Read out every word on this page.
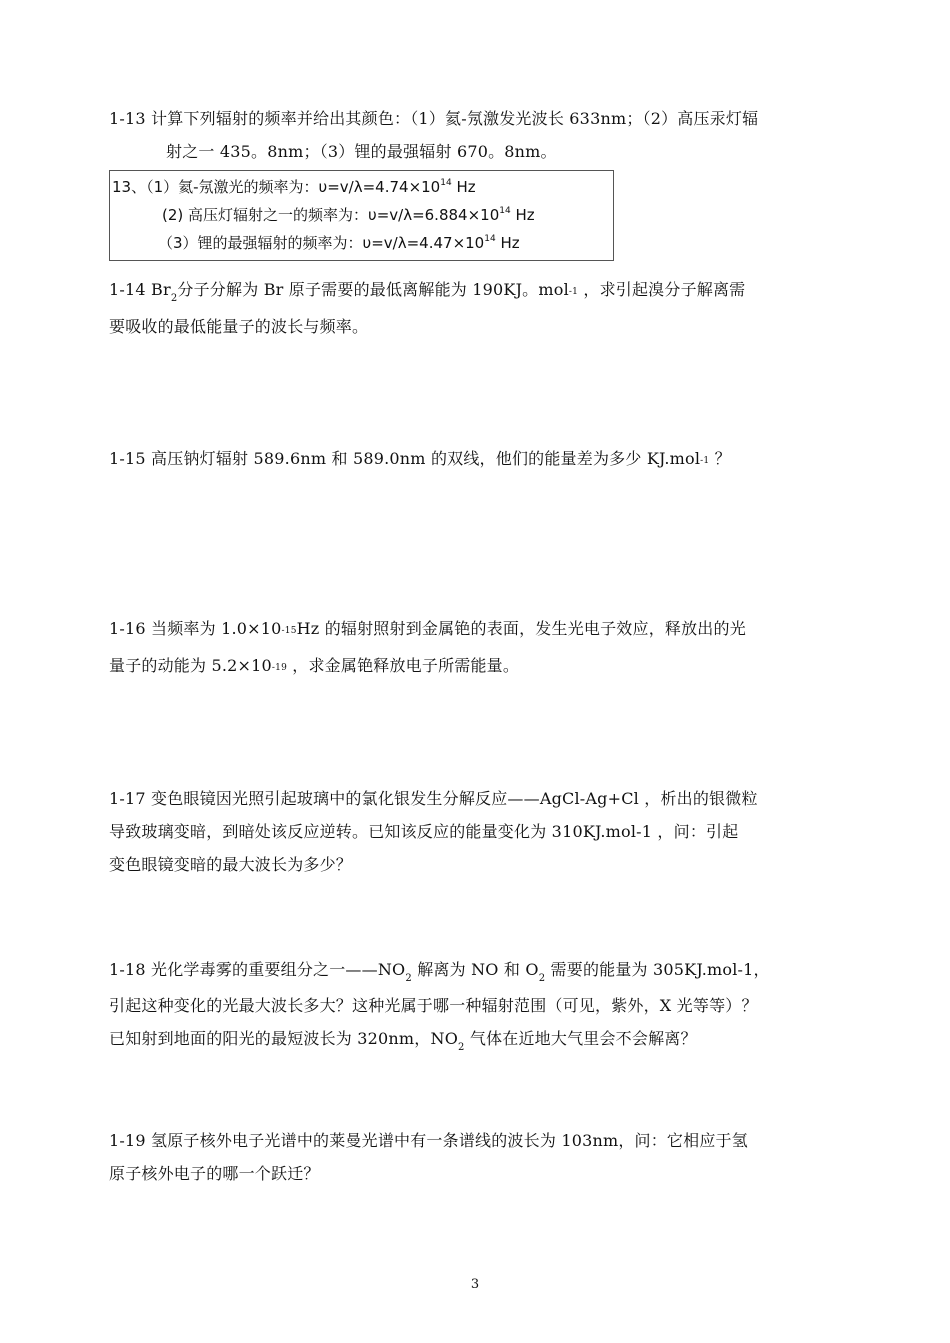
1-13 计算下列辐射的频率并给出其颜色：（1）氦-氖激发光波长 633nm；（2）高压汞灯辐
射之一 435。8nm；（3）锂的最强辐射 670。8nm。
13、（1）氦-氖激光的频率为：$\upsilon=v/\lambda=4.74\times 10^{14}$ Hz
(2) 高压灯辐射之一的频率为：$\upsilon=v/\lambda=6.884\times 10^{14}$ Hz
（3）锂的最强辐射的频率为：$\upsilon=v/\lambda=4.47\times 10^{14}$ Hz
1-14 $Br_2$分子分解为 Br 原子需要的最低离解能为 190KJ。mol-1 ，求引起溴分子解离需
要吸收的最低能量子的波长与频率。
1-15 高压钠灯辐射 589.6nm 和 589.0nm 的双线，他们的能量差为多少 KJ.mol-1 ？
1-16 当频率为 1.0×10-15Hz 的辐射照射到金属铯的表面，发生光电子效应，释放出的光
量子的动能为 5.2×10-19 ，求金属铯释放电子所需能量。
1-17 变色眼镜因光照引起玻璃中的氯化银发生分解反应——AgCl-Ag+Cl ，析出的银微粒
导致玻璃变暗，到暗处该反应逆转。已知该反应的能量变化为 310KJ.mol-1 ，问：引起
变色眼镜变暗的最大波长为多少？
1-18 光化学毒雾的重要组分之一$——NO_2$ 解离为 NO 和 $O_2$ 需要的能量为 305KJ.mol-1，
引起这种变化的光最大波长多大？这种光属于哪一种辐射范围（可见，紫外，X 光等等）？
已知射到地面的阳光的最短波长为 320nm，$NO_2$ 气体在近地大气里会不会解离？
1-19 氢原子核外电子光谱中的莱曼光谱中有一条谱线的波长为 103nm，问：它相应于氢
原子核外电子的哪一个跃迁？
3
